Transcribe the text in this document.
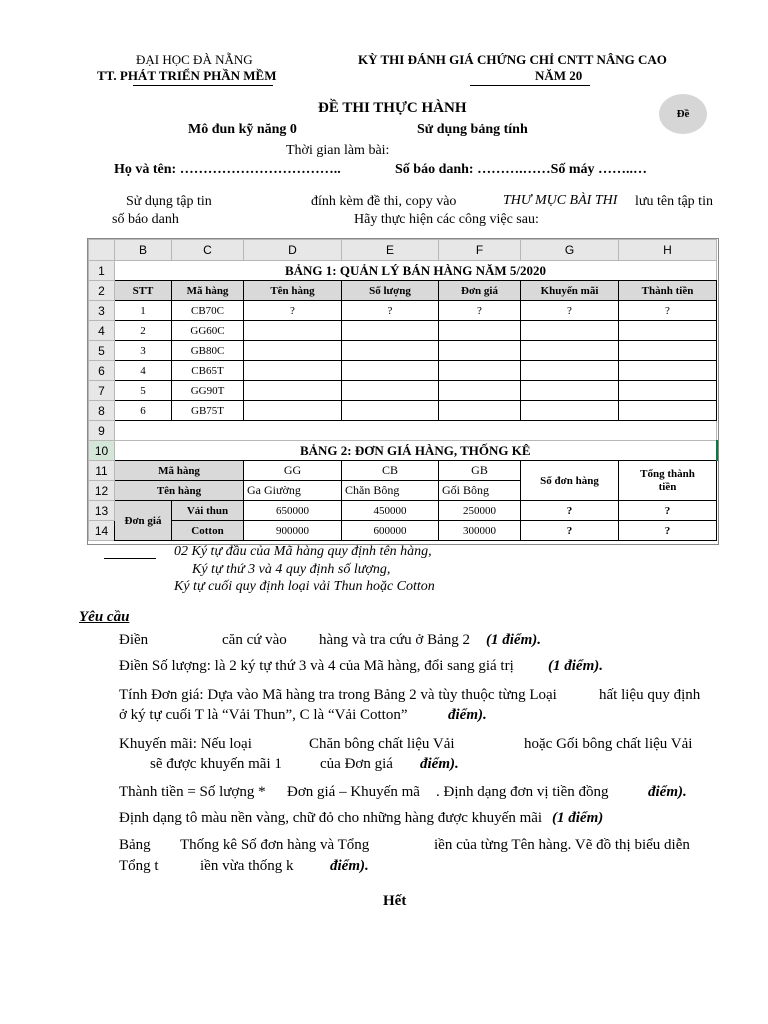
ĐẠI HỌC ĐÀ NẴNG
TT. PHÁT TRIỂN PHẦN MỀM
KỲ THI ĐÁNH GIÁ CHỨNG CHỈ CNTT NÂNG CAO
NĂM 20
ĐỀ THI THỰC HÀNH	Đề
Mô đun kỹ năng 0	Sử dụng bảng tính
Thời gian làm bài:
Họ và tên: ……………………………..	Số báo danh: ……….……Số máy ……..…
Sử dụng tập tin	đính kèm đề thi, copy vào	THƯ MỤC BÀI THI lưu tên tập tin
số báo danh	Hãy thực hiện các công việc sau:
	B	C	D	E	F	G	H
1	BẢNG 1: QUẢN LÝ BÁN HÀNG NĂM 5/2020						
2	STT	Mã hàng	Tên hàng	Số lượng	Đơn giá	Khuyến mãi	Thành tiền
3	1	CB70C	?	?	?	?	?
4	2	GG60C					
5	3	GB80C					
6	4	CB65T					
7	5	GG90T					
8	6	GB75T					
9							
10	BẢNG 2: ĐƠN GIÁ HÀNG, THỐNG KÊ						
11	Mã hàng		GG	CB	GB	Số đơn hàng	Tổng thành tiền
12	Tên hàng		Ga Giường	Chăn Bông	Gối Bông		
13	Đơn giá	Vải thun	650000	450000	250000	?	?
14		Cotton	900000	600000	300000	?	?
02 Ký tự đầu của Mã hàng quy định tên hàng,
Ký tự thứ 3 và 4 quy định số lượng,
Ký tự cuối quy định loại vải Thun hoặc Cotton
Yêu cầu
Điền	căn cứ vào hàng và tra cứu ở Bảng 2 (1 điểm).
Điền Số lượng: là 2 ký tự thứ 3 và 4 của Mã hàng, đổi sang giá trị (1 điểm).
Tính Đơn giá: Dựa vào Mã hàng tra trong Bảng 2 và tùy thuộc từng Loại	hất liệu quy định
ở ký tự cuối T là “Vải Thun”, C là “Vải Cotton”	điểm).
Khuyến mãi: Nếu loại	Chăn bông chất liệu Vải	hoặc Gối bông chất liệu Vải
sẽ được khuyến mãi 1	của Đơn giá điểm).
Thành tiền = Số lượng * Đơn giá – Khuyến mã . Định dạng đơn vị tiền đồng	điểm).
Định dạng tô màu nền vàng, chữ đỏ cho những hàng được khuyến mãi (1 điểm)
Bảng Thống kê Số đơn hàng và Tổng	iền của từng Tên hàng. Vẽ đồ thị biểu diễn
Tổng t	iền vừa thống k điểm).
Hết
